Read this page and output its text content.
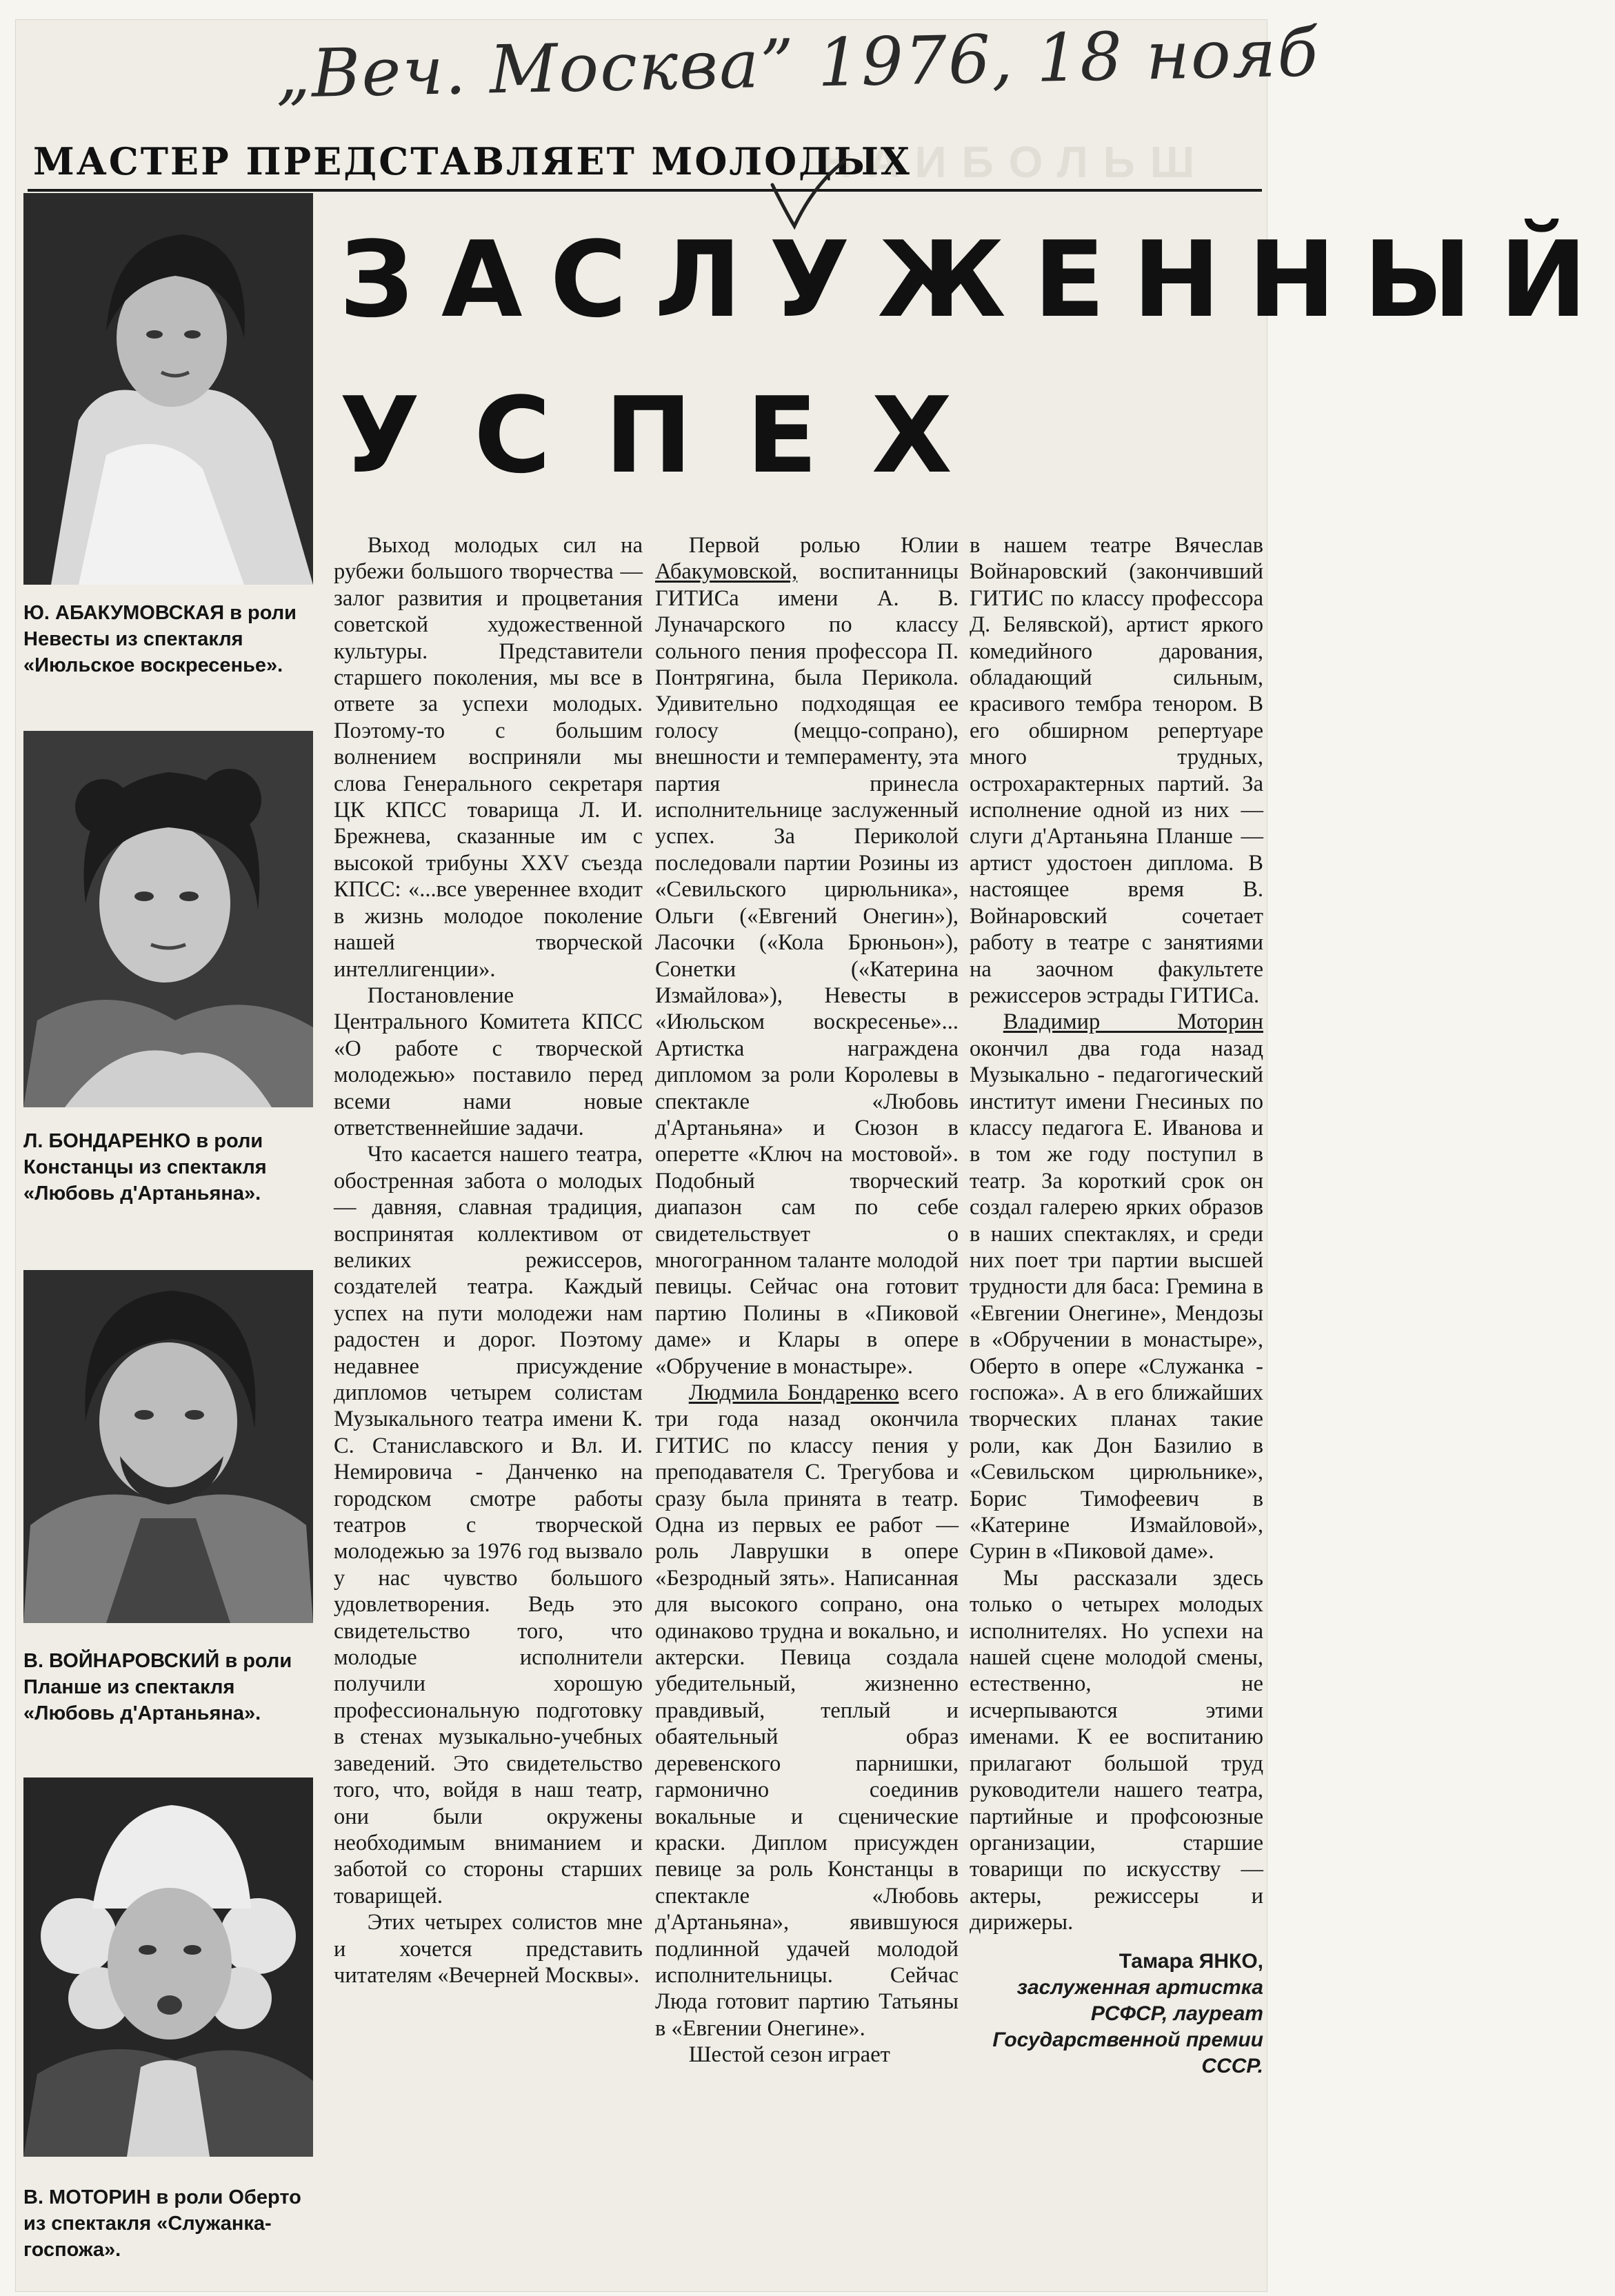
НАИБОЛЬШ
„Веч. Москва” 1976, 18 нояб
МАСТЕР ПРЕДСТАВЛЯЕТ МОЛОДЫХ
ЗАСЛУЖЕННЫЙ
УСПЕХ
Ю. АБАКУМОВСКАЯ в роли Невесты из спектакля «Июльское воскресенье».
Л. БОНДАРЕНКО в роли Констанцы из спектакля «Любовь д'Артаньяна».
В. ВОЙНАРОВСКИЙ в роли Планше из спектакля «Любовь д'Артаньяна».
В. МОТОРИН в роли Оберто из спектакля «Служанка-госпожа».

Выход молодых сил на рубежи большого творчества — залог развития и процветания советской художественной культуры. Представители старшего поколения, мы все в ответе за успехи молодых. Поэтому-то с большим волнением восприняли мы слова Генерального секретаря ЦК КПСС товарища Л. И. Брежнева, сказанные им с высокой трибуны XXV съезда КПСС: «...все увереннее входит в жизнь молодое поколение нашей творческой интеллигенции».

Постановление Центрального Комитета КПСС «О работе с творческой молодежью» поставило перед всеми нами новые ответственнейшие задачи.

Что касается нашего театра, обостренная забота о молодых — давняя, славная традиция, воспринятая коллективом от великих режиссеров, создателей театра. Каждый успех на пути молодежи нам радостен и дорог. Поэтому недавнее присуждение дипломов четырем солистам Музыкального театра имени К. С. Станиславского и Вл. И. Немировича - Данченко на городском смотре работы театров с творческой молодежью за 1976 год вызвало у нас чувство большого удовлетворения. Ведь это свидетельство того, что молодые исполнители получили хорошую профессиональную подготовку в стенах музыкально-учебных заведений. Это свидетельство того, что, войдя в наш театр, они были окружены необходимым вниманием и заботой со стороны старших товарищей.

Этих четырех солистов мне и хочется представить читателям «Вечерней Москвы».

Первой ролью Юлии Абакумовской, воспитанницы ГИТИСа имени А. В. Луначарского по классу сольного пения профессора П. Понтрягина, была Перикола. Удивительно подходящая ее голосу (меццо-сопрано), внешности и темпераменту, эта партия принесла исполнительнице заслуженный успех. За Периколой последовали партии Розины из «Севильского цирюльника», Ольги («Евгений Онегин»), Ласочки («Кола Брюньон»), Сонетки («Катерина Измайлова»), Невесты в «Июльском воскресенье»... Артистка награждена дипломом за роли Королевы в спектакле «Любовь д'Артаньяна» и Сюзон в оперетте «Ключ на мостовой». Подобный творческий диапазон сам по себе свидетельствует о многогранном таланте молодой певицы. Сейчас она готовит партию Полины в «Пиковой даме» и Клары в опере «Обручение в монастыре».

Людмила Бондаренко всего три года назад окончила ГИТИС по классу пения у преподавателя С. Трегубова и сразу была принята в театр. Одна из первых ее работ — роль Лаврушки в опере «Безродный зять». Написанная для высокого сопрано, она одинаково трудна и вокально, и актерски. Певица создала убедительный, жизненно правдивый, теплый и обаятельный образ деревенского парнишки, гармонично соединив вокальные и сценические краски. Диплом присужден певице за роль Констанцы в спектакле «Любовь д'Артаньяна», явившуюся подлинной удачей молодой исполнительницы. Сейчас Люда готовит партию Татьяны в «Евгении Онегине».

Шестой сезон играет

в нашем театре Вячеслав Войнаровский (закончивший ГИТИС по классу профессора Д. Белявской), артист яркого комедийного дарования, обладающий сильным, красивого тембра тенором. В его обширном репертуаре много трудных, острохарактерных партий. За исполнение одной из них — слуги д'Артаньяна Планше — артист удостоен диплома. В настоящее время В. Войнаровский сочетает работу в театре с занятиями на заочном факультете режиссеров эстрады ГИТИСа.

Владимир Моторин окончил два года назад Музыкально - педагогический институт имени Гнесиных по классу педагога Е. Иванова и в том же году поступил в театр. За короткий срок он создал галерею ярких образов в наших спектаклях, и среди них поет три партии высшей трудности для баса: Гремина в «Евгении Онегине», Мендозы в «Обручении в монастыре», Оберто в опере «Служанка - госпожа». А в его ближайших творческих планах такие роли, как Дон Базилио в «Севильском цирюльнике», Борис Тимофеевич в «Катерине Измайловой», Сурин в «Пиковой даме».

Мы рассказали здесь только о четырех молодых исполнителях. Но успехи на нашей сцене молодой смены, естественно, не исчерпываются этими именами. К ее воспитанию прилагают большой труд руководители нашего театра, партийные и профсоюзные организации, старшие товарищи по искусству — актеры, режиссеры и дирижеры.

Тамара ЯНКО,
заслуженная артистка РСФСР, лауреат Государственной премии СССР.
